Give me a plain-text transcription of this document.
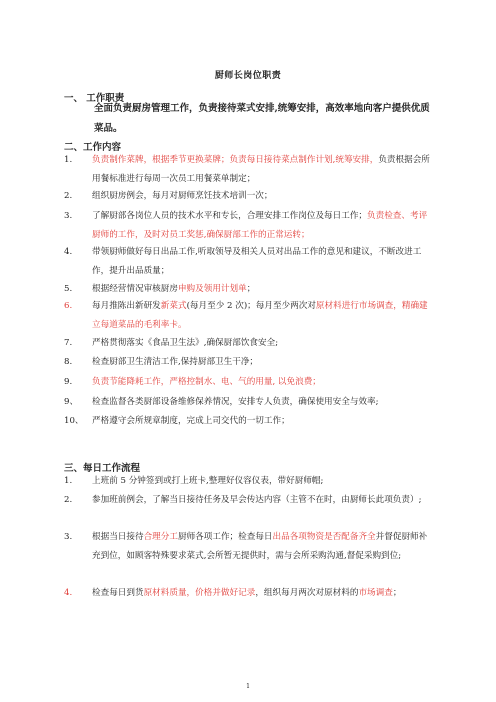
厨师长岗位职责
一、 工作职责
全面负责厨房管理工作，负责接待菜式安排,统筹安排，高效率地向客户提供优质菜品。
二、工作内容
1.	负责制作菜牌，根据季节更换菜牌；负责每日接待菜点制作计划,统筹安排，负责根据会所用餐标准进行每周一次员工用餐菜单制定；
2.	组织厨房例会，每月对厨师烹饪技术培训一次；
3.	了解厨部各岗位人员的技术水平和专长，合理安排工作岗位及每日工作；负责检查、考评厨师的工作，及时对员工奖惩,确保厨部工作的正常运转；
4.	带领厨师做好每日出品工作,听取领导及相关人员对出品工作的意见和建议，不断改进工作，提升出品质量；
5.	根据经营情况审核厨房申购及领用计划单；
6.	每月推陈出新研发新菜式(每月至少 2 次)；每月至少两次对原材料进行市场调查，精确建立每道菜品的毛利率卡。
7.	严格贯彻落实《食品卫生法》,确保厨部饮食安全;
8.	检查厨部卫生清洁工作,保持厨部卫生干净；
9.	负责节能降耗工作，严格控制水、电、气的用量, 以免浪费；
9、	检查监督各类厨部设备维修保养情况，安排专人负责，确保使用安全与效率;
10、 严格遵守会所规章制度，完成上司交代的一切工作；
三、每日工作流程
1.	上班前 5 分钟签到或打上班卡,整理好仪容仪表，带好厨师帽;
2.	参加班前例会，了解当日接待任务及早会传达内容（主管不在时，由厨师长此项负责）;
3.	根据当日接待合理分工厨师各项工作；检查每日出品各项物资是否配备齐全并督促厨师补充到位，如顾客特殊要求菜式,会所暂无提供时，需与会所采购沟通,督促采购到位;
4.	检查每日到货原材料质量，价格并做好记录，组织每月两次对原材料的市场调查；
1
